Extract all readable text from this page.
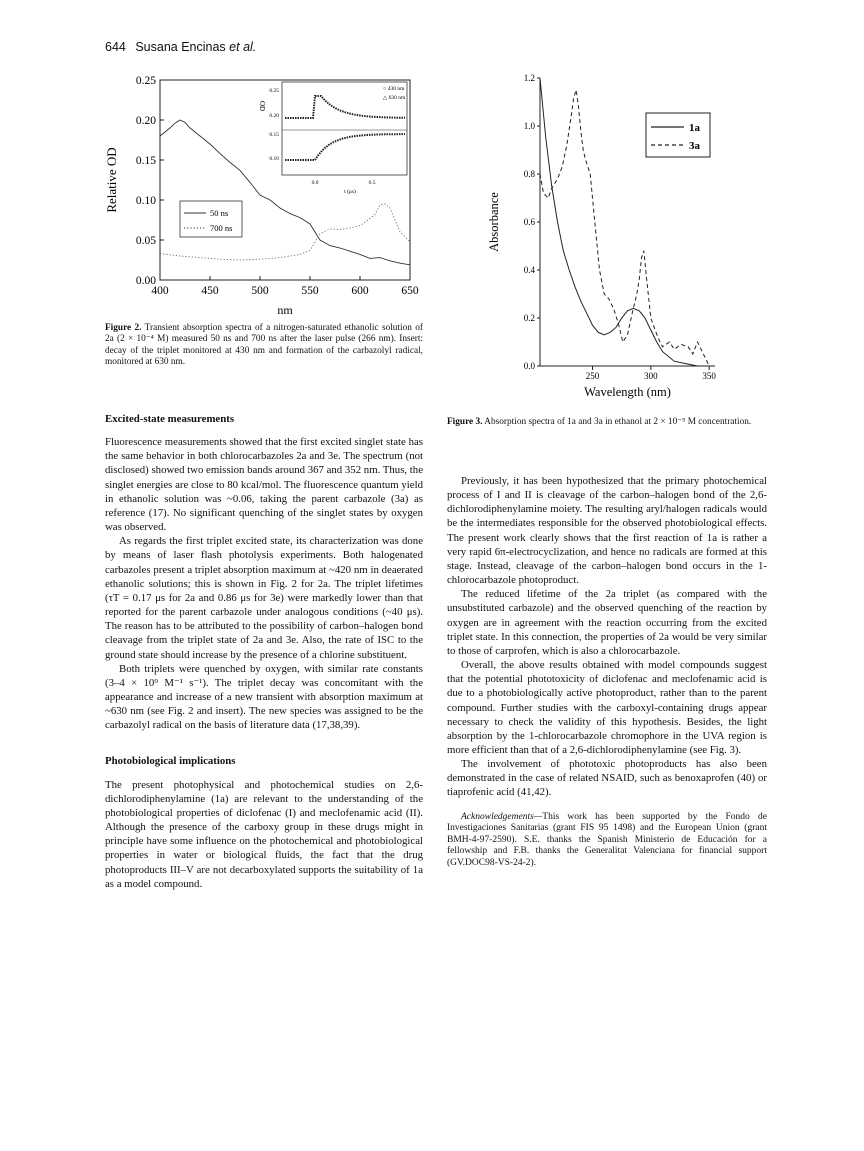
644 Susana Encinas et al.
400	450	500	550	600	650
0.00
0.05
0.10
0.15
0.20
0.25
nm
Relative OD
50 ns
700 ns
0.25
0.20
0.15
0.10
0.0	0.5
t (μs)
OD
○ 430 nm
△ 630 nm
Figure 2. Transient absorption spectra of a nitrogen-saturated ethanolic solution of 2a (2 × 10⁻⁴ M) measured 50 ns and 700 ns after the laser pulse (266 nm). Insert: decay of the triplet monitored at 430 nm and formation of the carbazolyl radical, monitored at 630 nm.
250	300	350
0.0
0.2
0.4
0.6
0.8
1.0
1.2
Wavelength (nm)
Absorbance
1a
3a
Figure 3. Absorption spectra of 1a and 3a in ethanol at 2 × 10⁻⁵ M concentration.
Excited-state measurements

Fluorescence measurements showed that the first excited singlet state has the same behavior in both chlorocarbazoles 2a and 3e. The spectrum (not disclosed) showed two emission bands around 367 and 352 nm. Thus, the singlet energies are close to 80 kcal/mol. The fluorescence quantum yield in ethanolic solution was ~0.06, taking the parent carbazole (3a) as reference (17). No significant quenching of the singlet states by oxygen was observed.

As regards the first triplet excited state, its characterization was done by means of laser flash photolysis experiments. Both halogenated carbazoles present a triplet absorption maximum at ~420 nm in deaerated ethanolic solutions; this is shown in Fig. 2 for 2a. The triplet lifetimes (τT = 0.17 μs for 2a and 0.86 μs for 3e) were markedly lower than that reported for the parent carbazole under analogous conditions (~40 μs). The reason has to be attributed to the possibility of carbon–halogen bond cleavage from the triplet state of 2a and 3e. Also, the rate of ISC to the ground state should increase by the presence of a chlorine substituent.

Both triplets were quenched by oxygen, with similar rate constants (3–4 × 10⁹ M⁻¹ s⁻¹). The triplet decay was concomitant with the appearance and increase of a new transient with absorption maximum at ~630 nm (see Fig. 2 and insert). The new species was assigned to be the carbazolyl radical on the basis of literature data (17,38,39).

Photobiological implications

The present photophysical and photochemical studies on 2,6-dichlorodiphenylamine (1a) are relevant to the understanding of the photobiological properties of diclofenac (I) and meclofenamic acid (II). Although the presence of the carboxy group in these drugs might in principle have some influence on the photochemical and photobiological properties in water or biological fluids, the fact that the drug photoproducts III–V are not decarboxylated supports the suitability of 1a as a model compound.

Previously, it has been hypothesized that the primary photochemical process of I and II is cleavage of the carbon–halogen bond of the 2,6-dichlorodiphenylamine moiety. The resulting aryl/halogen radicals would be the intermediates responsible for the observed photobiological effects. The present work clearly shows that the first reaction of 1a is rather a very rapid 6π-electrocyclization, and hence no radicals are formed at this stage. Instead, cleavage of the carbon–halogen bond occurs in the 1-chlorocarbazole photoproduct.

The reduced lifetime of the 2a triplet (as compared with the unsubstituted carbazole) and the observed quenching of the reaction by oxygen are in agreement with the reaction occurring from the excited triplet state. In this connection, the properties of 2a would be very similar to those of carprofen, which is also a chlorocarbazole.

Overall, the above results obtained with model compounds suggest that the potential phototoxicity of diclofenac and meclofenamic acid is due to a photobiologically active photoproduct, rather than to the parent compound. Further studies with the carboxyl-containing drugs appear necessary to check the validity of this hypothesis. Besides, the light absorption by the 1-chlorocarbazole chromophore in the UVA region is more efficient than that of a 2,6-dichlorodiphenylamine (see Fig. 3).

The involvement of phototoxic photoproducts has also been demonstrated in the case of related NSAID, such as benoxaprofen (40) or tiaprofenic acid (41,42).

Acknowledgements—This work has been supported by the Fondo de Investigaciones Sanitarias (grant FIS 95 1498) and the European Union (grant BMH-4-97-2590). S.E. thanks the Spanish Ministerio de Educación for a fellowship and F.B. thanks the Generalitat Valenciana for financial support (GV.DOC98-VS-24-2).
